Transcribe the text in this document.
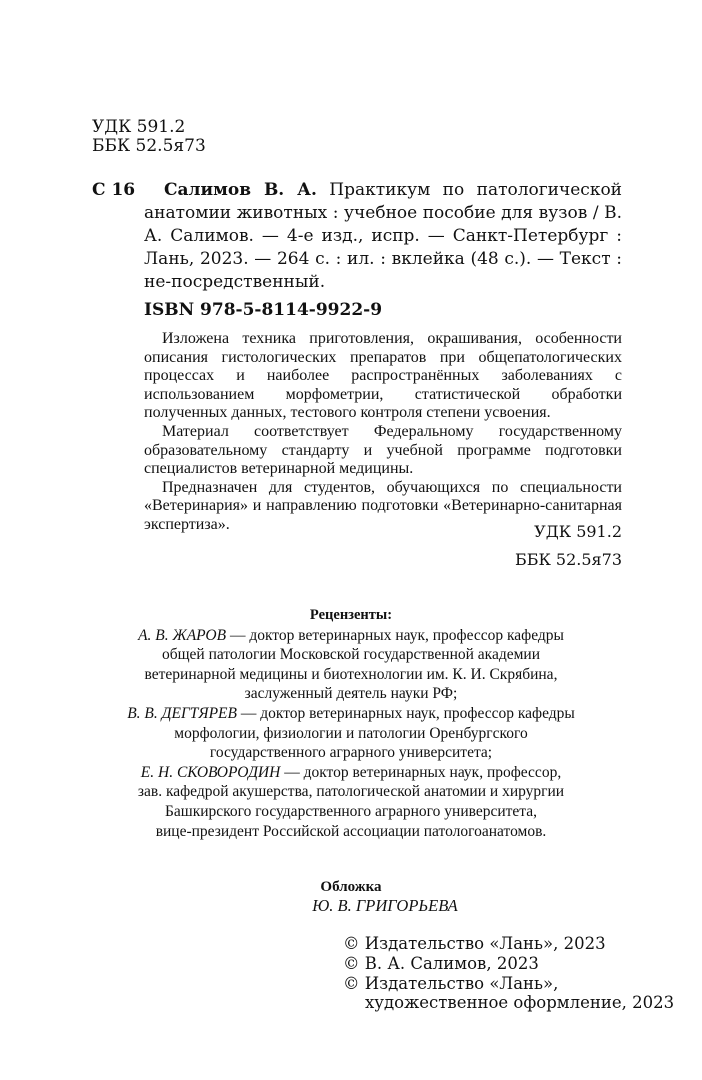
УДК 591.2
ББК 52.5я73
С 16	Салимов В. А. Практикум по патологической анатомии животных : учебное пособие для вузов / В. А. Салимов. — 4-е изд., испр. — Санкт-Петербург : Лань, 2023. — 264 с. : ил. : вклейка (48 с.). — Текст : не-посредственный.
ISBN 978-5-8114-9922-9

Изложена техника приготовления, окрашивания, особенности описания гистологических препаратов при общепатологических процессах и наиболее распространённых заболеваниях с использованием морфометрии, статистической обработки полученных данных, тестового контроля степени усвоения.

Материал соответствует Федеральному государственному образовательному стандарту и учебной программе подготовки специалистов ветеринарной медицины.

Предназначен для студентов, обучающихся по специальности «Ветеринария» и направлению подготовки «Ветеринарно-санитарная экспертиза».	УДК 591.2
ББК 52.5я73
Рецензенты:
А. В. ЖАРОВ — доктор ветеринарных наук, профессор кафедры
общей патологии Московской государственной академии
ветеринарной медицины и биотехнологии им. К. И. Скрябина,
заслуженный деятель науки РФ;
В. В. ДЕГТЯРЕВ — доктор ветеринарных наук, профессор кафедры
морфологии, физиологии и патологии Оренбургского
государственного аграрного университета;
Е. Н. СКОВОРОДИН — доктор ветеринарных наук, профессор,
зав. кафедрой акушерства, патологической анатомии и хирургии
Башкирского государственного аграрного университета,
вице-президент Российской ассоциации патологоанатомов.
Обложка
Ю. В. ГРИГОРЬЕВА
© Издательство «Лань», 2023
© В. А. Салимов, 2023
© Издательство «Лань»,
художественное оформление, 2023
